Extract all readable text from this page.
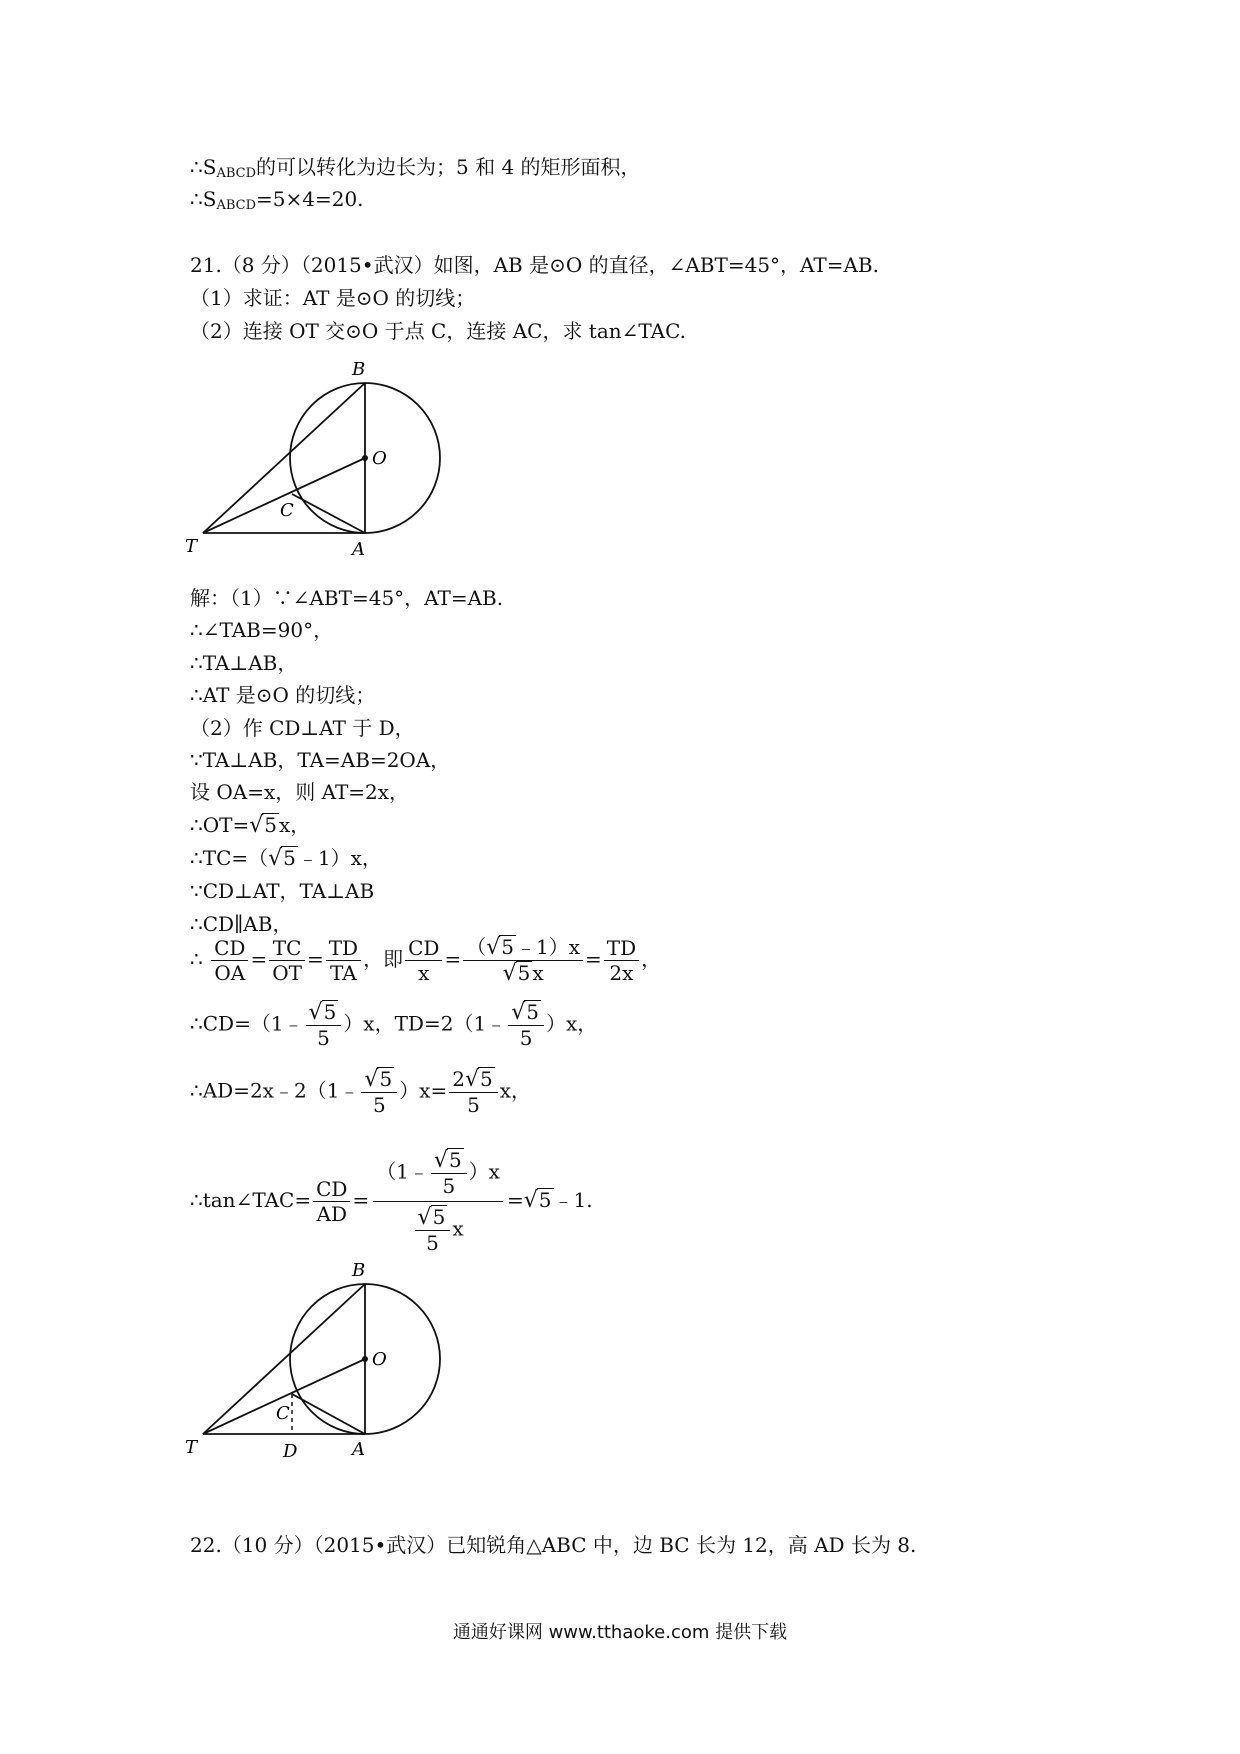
$\therefore S_{ABCD}$的可以转化为边长为；5 和 4 的矩形面积，
$\therefore S_{ABCD}=5\times 4=20$.
21.（8 分）（2015•武汉）如图，AB 是⊙O 的直径，∠ABT=45°，AT=AB.
（1）求证：AT 是⊙O 的切线；
（2）连接 OT 交⊙O 于点 C，连接 AC，求 tan∠TAC.
B
O
C
T	A
解：（1）∵∠ABT=45°，AT=AB.
∴∠TAB=90°，
∴TA⊥AB，
∴AT 是⊙O 的切线；
（2）作 CD⊥AT 于 D，
∵TA⊥AB，TA=AB=2OA，
设 OA=x，则 AT=2x，
∴OT=√5 x，
∴TC=（√5 ﹣1）x，
∵CD⊥AT，TA⊥AB
∴CD∥AB，
∴ $\frac{CD}{OA} = \frac{TC}{OT} = \frac{TD}{TA}$ ，即 $\frac{CD}{x} = \frac{(√5 ﹣1)x}{√5 x} = \frac{TD}{2x}$ ，
∴CD=（1﹣ $\frac{√5}{5} )x$，TD=2（1﹣ $\frac{√5}{5} )x$，
∴AD=2x﹣2（1﹣ $\frac{√5}{5} )x= \frac{2√5}{5}$ x，
∴tan∠TAC= $\frac{CD}{AD} = \frac{(1﹣ \frac{√5}{5} )x}{\frac{√5}{5} x} =√5$ ﹣1.
B
O
C
T	D	A
22.（10 分）（2015•武汉）已知锐角△ABC 中，边 BC 长为 12，高 AD 长为 8.
通通好课网 www.tthaoke.com 提供下载
